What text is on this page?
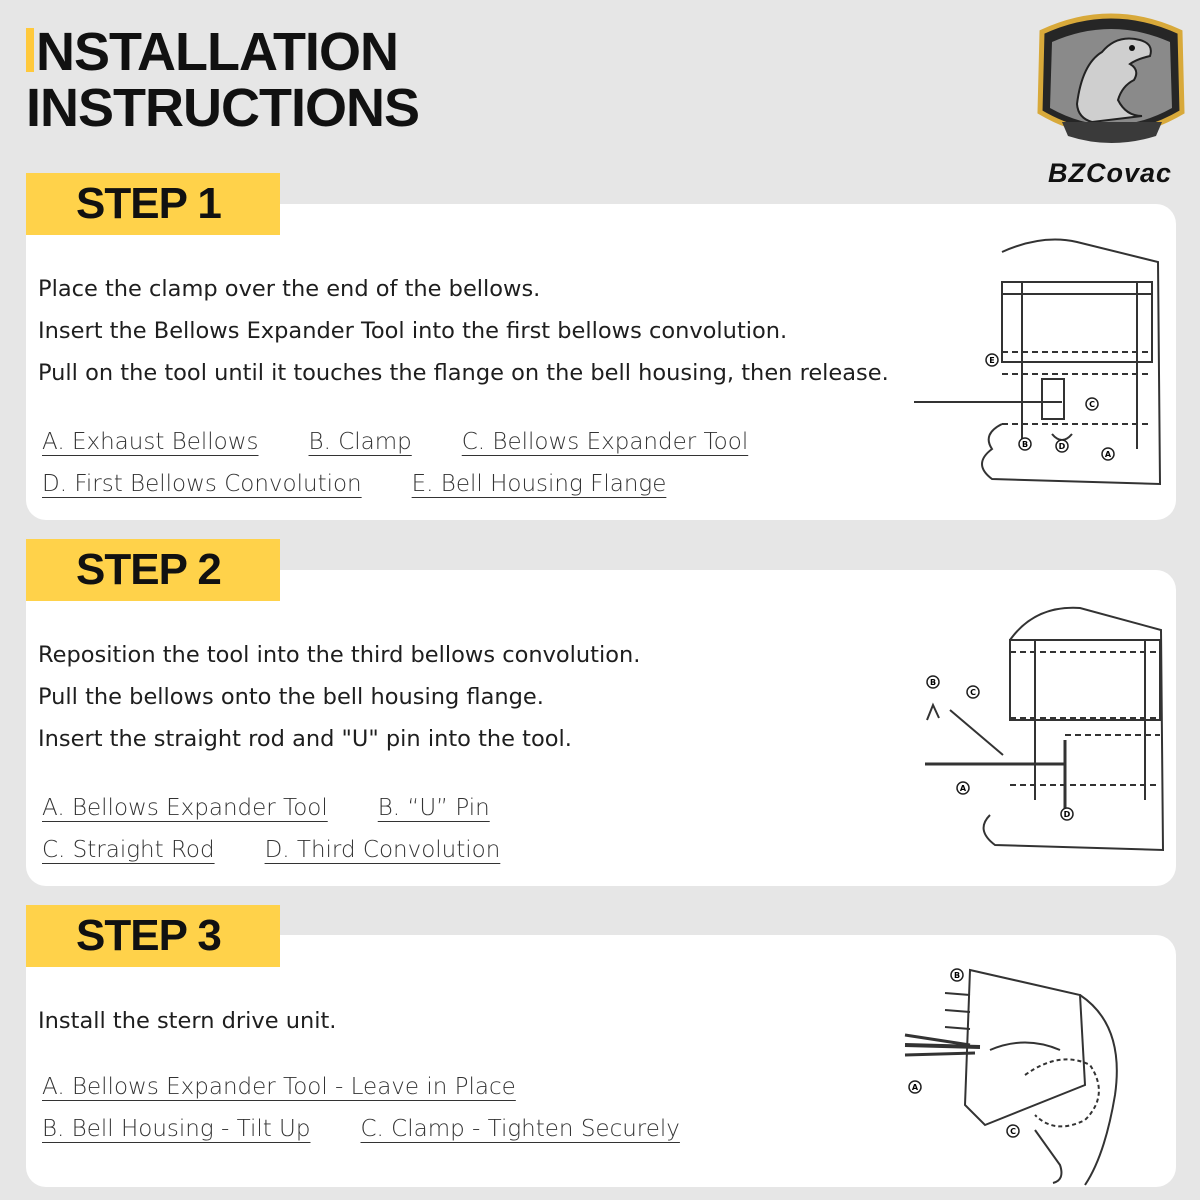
NSTALLATION
INSTRUCTIONS
BZCovac
STEP 1
Place the clamp over the end of the bellows.
Insert the Bellows Expander Tool into the first bellows convolution.
Pull on the tool until it touches the flange on the bell housing, then release.
A. Exhaust Bellows B. Clamp C. Bellows Expander Tool
D. First Bellows Convolution E. Bell Housing Flange
E
C
B	D
A
STEP 2
Reposition the tool into the third bellows convolution.
Pull the bellows onto the bell housing flange.
Insert the straight rod and "U" pin into the tool.
A. Bellows Expander Tool B. “U” Pin
C. Straight Rod D. Third Convolution
B
C
A
D
STEP 3
Install the stern drive unit.
A. Bellows Expander Tool - Leave in Place
B. Bell Housing - Tilt Up C. Clamp - Tighten Securely
B
A
C
